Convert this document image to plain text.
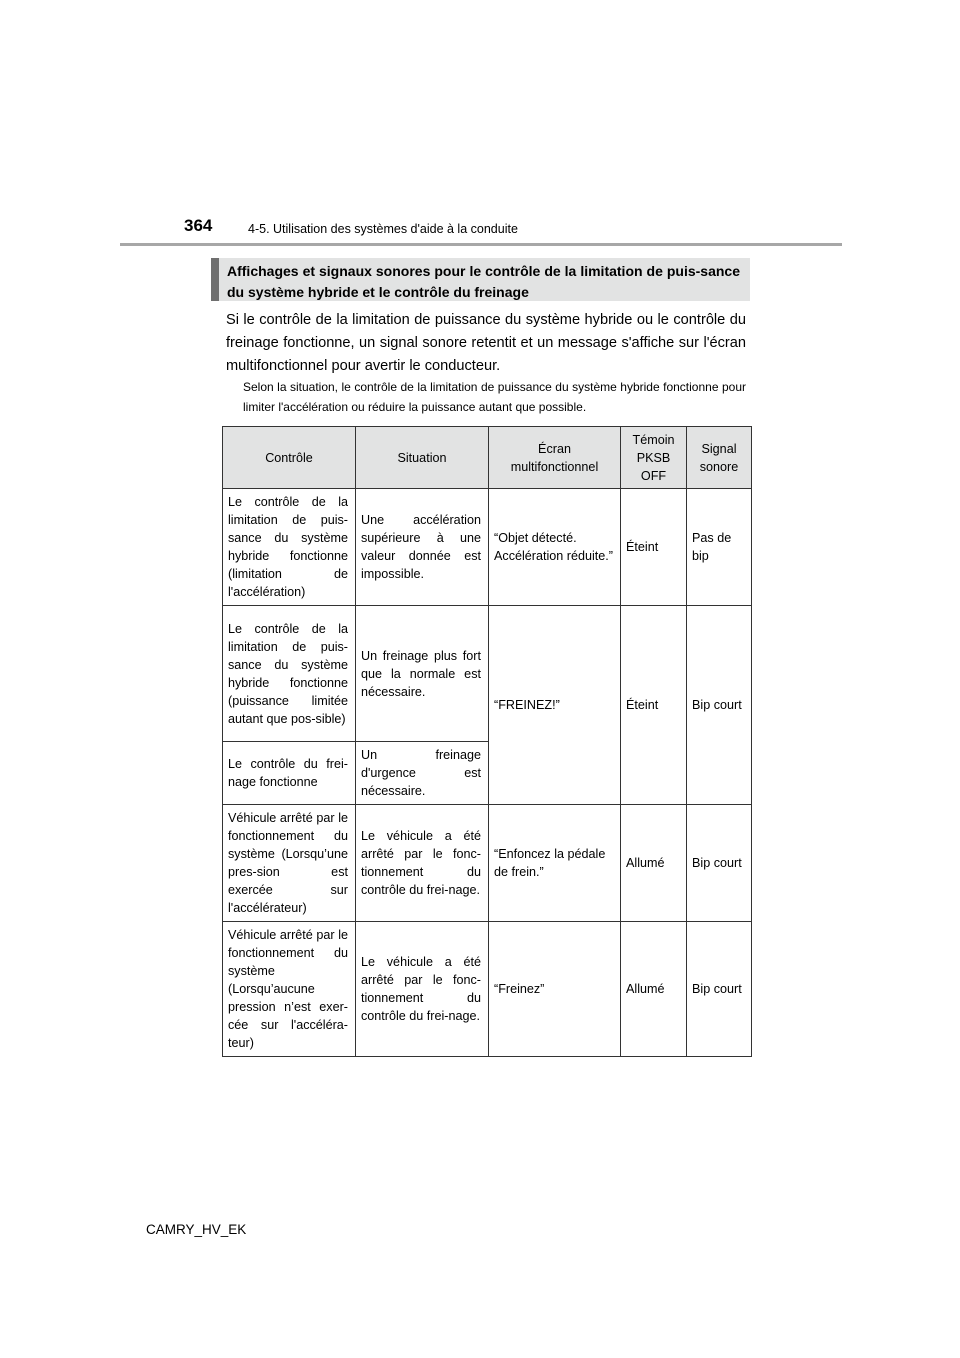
364	4-5. Utilisation des systèmes d'aide à la conduite
Affichages et signaux sonores pour le contrôle de la limitation de puis-sance du système hybride et le contrôle du freinage

Si le contrôle de la limitation de puissance du système hybride ou le contrôle du freinage fonctionne, un signal sonore retentit et un message s'affiche sur l'écran multifonctionnel pour avertir le conducteur.

Selon la situation, le contrôle de la limitation de puissance du système hybride fonctionne pour limiter l'accélération ou réduire la puissance autant que possible.

Contrôle	Situation	Écran multifonctionnel	Témoin PKSB OFF	Signal sonore
Le contrôle de la limitation de puis-sance du système hybride fonctionne (limitation de l'accélération)	Une accélération supérieure à une valeur donnée est impossible.	“Objet détecté. Accélération réduite.”	Éteint	Pas de bip
Le contrôle de la limitation de puis-sance du système hybride fonctionne (puissance limitée autant que pos-sible)	Un freinage plus fort que la normale est nécessaire.	“FREINEZ!”	Éteint	Bip court
Le contrôle du frei-nage fonctionne	Un freinage d'urgence est nécessaire.			
Véhicule arrêté par le fonctionnement du système (Lorsqu’une pres-sion est exercée sur l'accélérateur)	Le véhicule a été arrêté par le fonc-tionnement du contrôle du frei-nage.	“Enfoncez la pédale de frein.”	Allumé	Bip court
Véhicule arrêté par le fonctionnement du système (Lorsqu’aucune pression n’est exer-cée sur l'accéléra-teur)	Le véhicule a été arrêté par le fonc-tionnement du contrôle du frei-nage.	“Freinez”	Allumé	Bip court
CAMRY_HV_EK
